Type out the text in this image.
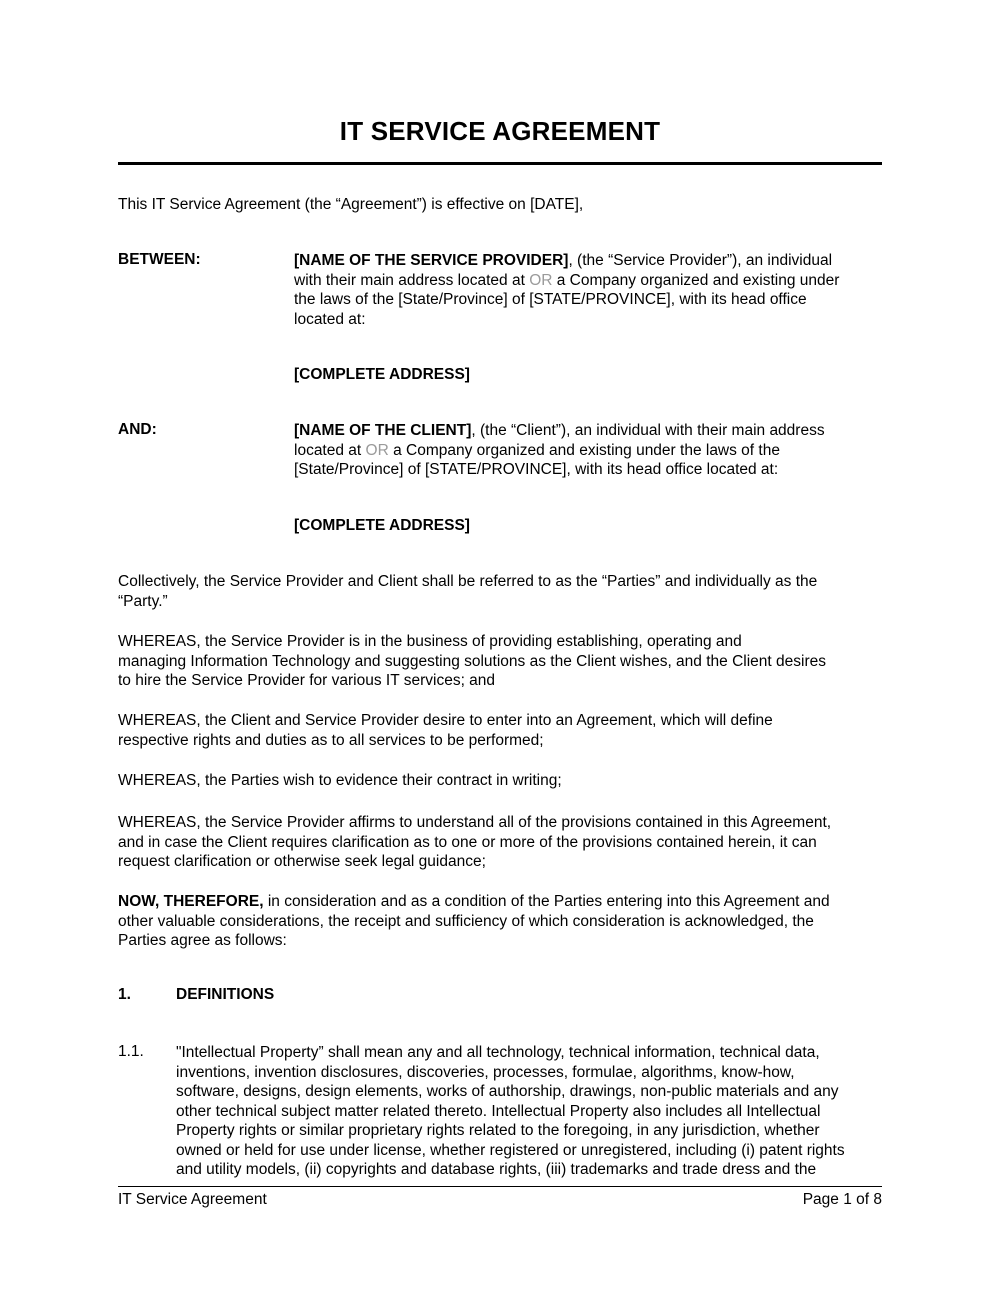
IT SERVICE AGREEMENT
This IT Service Agreement (the “Agreement”) is effective on [DATE],
BETWEEN:	[NAME OF THE SERVICE PROVIDER], (the “Service Provider”), an individual
with their main address located at OR a Company organized and existing under
the laws of the [State/Province] of [STATE/PROVINCE], with its head office
located at:
[COMPLETE ADDRESS]
AND:	[NAME OF THE CLIENT], (the “Client”), an individual with their main address
located at OR a Company organized and existing under the laws of the
[State/Province] of [STATE/PROVINCE], with its head office located at:
[COMPLETE ADDRESS]
Collectively, the Service Provider and Client shall be referred to as the “Parties” and individually as the
“Party.”
WHEREAS, the Service Provider is in the business of providing establishing, operating and
managing Information Technology and suggesting solutions as the Client wishes, and the Client desires
to hire the Service Provider for various IT services; and
WHEREAS, the Client and Service Provider desire to enter into an Agreement, which will define
respective rights and duties as to all services to be performed;
WHEREAS, the Parties wish to evidence their contract in writing;
WHEREAS, the Service Provider affirms to understand all of the provisions contained in this Agreement,
and in case the Client requires clarification as to one or more of the provisions contained herein, it can
request clarification or otherwise seek legal guidance;
NOW, THEREFORE, in consideration and as a condition of the Parties entering into this Agreement and
other valuable considerations, the receipt and sufficiency of which consideration is acknowledged, the
Parties agree as follows:
1.	DEFINITIONS
1.1. "Intellectual Property” shall mean any and all technology, technical information, technical data,
inventions, invention disclosures, discoveries, processes, formulae, algorithms, know-how,
software, designs, design elements, works of authorship, drawings, non-public materials and any
other technical subject matter related thereto. Intellectual Property also includes all Intellectual
Property rights or similar proprietary rights related to the foregoing, in any jurisdiction, whether
owned or held for use under license, whether registered or unregistered, including (i) patent rights
and utility models, (ii) copyrights and database rights, (iii) trademarks and trade dress and the
IT Service Agreement	Page 1 of 8
